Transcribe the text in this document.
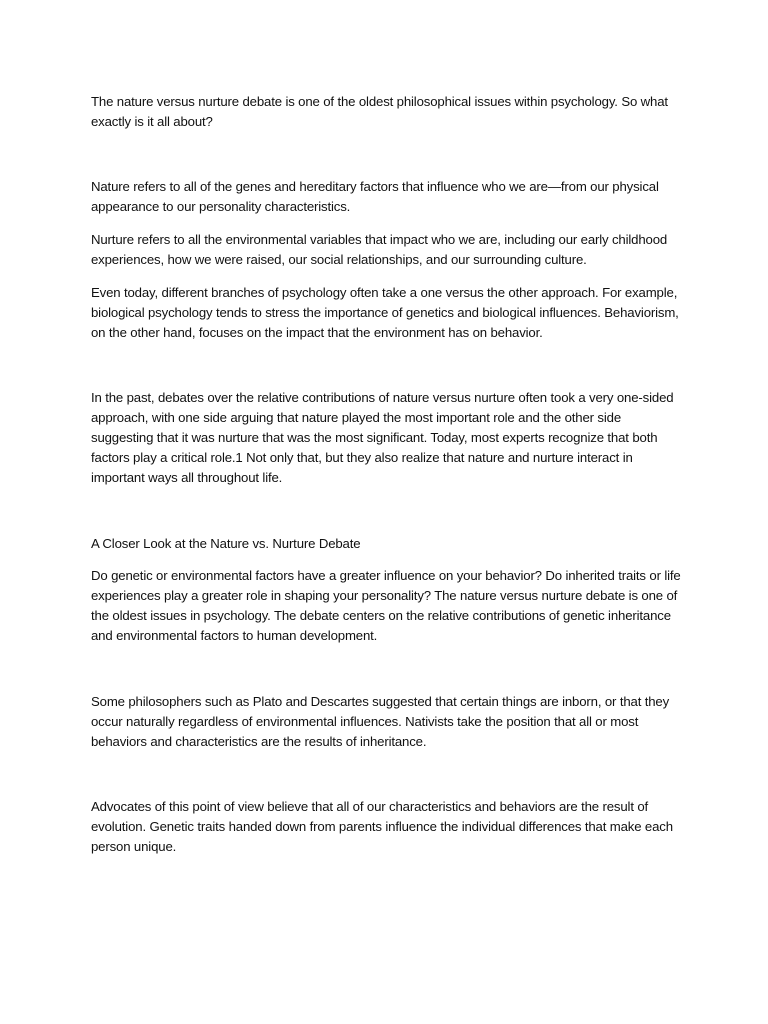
The nature versus nurture debate is one of the oldest philosophical issues within psychology. So what
exactly is it all about?

Nature refers to all of the genes and hereditary factors that influence who we are—from our physical
appearance to our personality characteristics.

Nurture refers to all the environmental variables that impact who we are, including our early childhood
experiences, how we were raised, our social relationships, and our surrounding culture.

Even today, different branches of psychology often take a one versus the other approach. For example,
biological psychology tends to stress the importance of genetics and biological influences. Behaviorism,
on the other hand, focuses on the impact that the environment has on behavior.

In the past, debates over the relative contributions of nature versus nurture often took a very one-sided
approach, with one side arguing that nature played the most important role and the other side
suggesting that it was nurture that was the most significant. Today, most experts recognize that both
factors play a critical role.1 Not only that, but they also realize that nature and nurture interact in
important ways all throughout life.

A Closer Look at the Nature vs. Nurture Debate

Do genetic or environmental factors have a greater influence on your behavior? Do inherited traits or life
experiences play a greater role in shaping your personality? The nature versus nurture debate is one of
the oldest issues in psychology. The debate centers on the relative contributions of genetic inheritance
and environmental factors to human development.

Some philosophers such as Plato and Descartes suggested that certain things are inborn, or that they
occur naturally regardless of environmental influences. Nativists take the position that all or most
behaviors and characteristics are the results of inheritance.

Advocates of this point of view believe that all of our characteristics and behaviors are the result of
evolution. Genetic traits handed down from parents influence the individual differences that make each
person unique.
